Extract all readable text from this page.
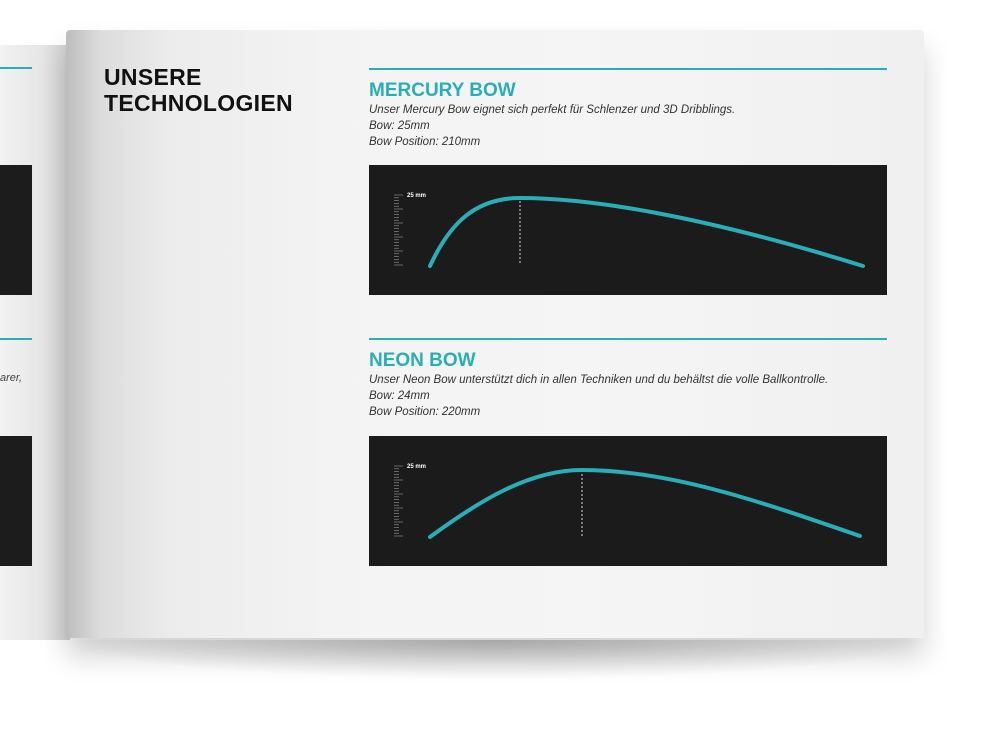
arer,
UNSERE
TECHNOLOGIEN	MERCURY BOW
Unser Mercury Bow eignet sich perfekt für Schlenzer und 3D Dribblings.
Bow: 25mm
Bow Position: 210mm
25 mm
NEON BOW
Unser Neon Bow unterstützt dich in allen Techniken und du behältst die volle Ballkontrolle.
Bow: 24mm
Bow Position: 220mm
25 mm
